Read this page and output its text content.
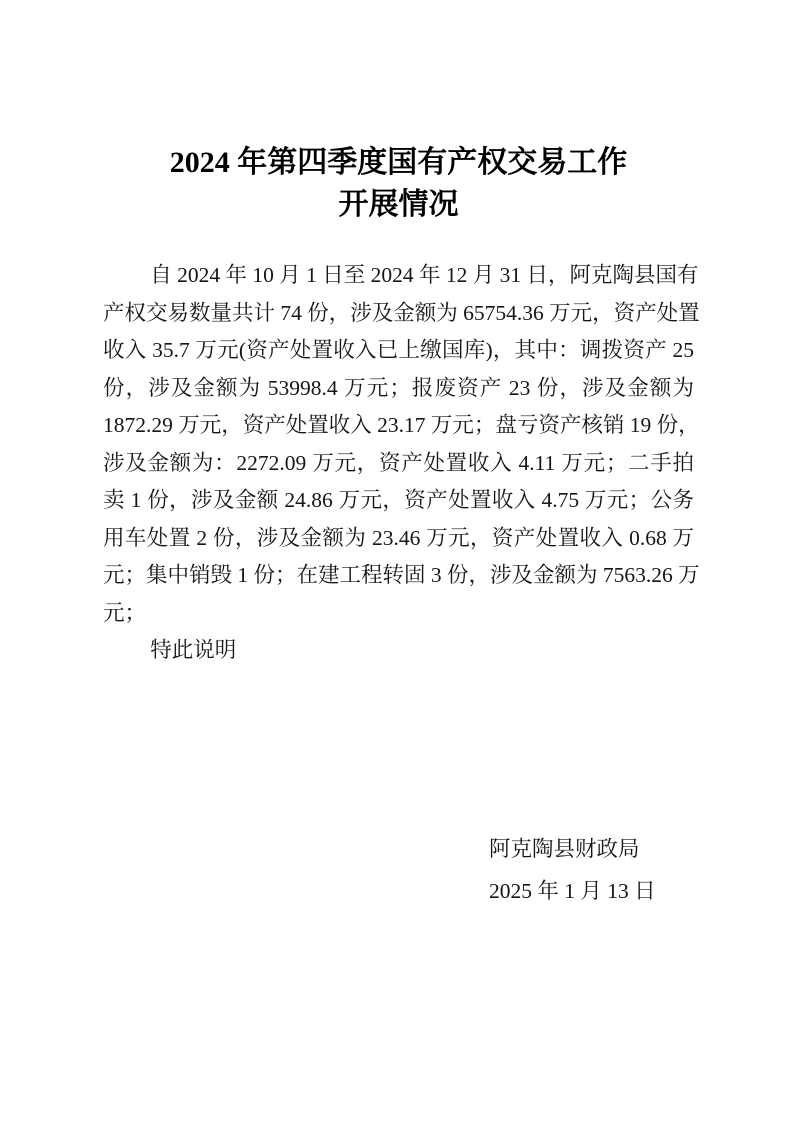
2024 年第四季度国有产权交易工作
开展情况
自 2024 年 10 月 1 日至 2024 年 12 月 31 日，阿克陶县国有
产权交易数量共计 74 份，涉及金额为 65754.36 万元，资产处置
收入 35.7 万元(资产处置收入已上缴国库)，其中：调拨资产 25
份，涉及金额为 53998.4 万元；报废资产 23 份，涉及金额为
1872.29 万元，资产处置收入 23.17 万元；盘亏资产核销 19 份，
涉及金额为：2272.09 万元，资产处置收入 4.11 万元；二手拍
卖 1 份，涉及金额 24.86 万元，资产处置收入 4.75 万元；公务
用车处置 2 份，涉及金额为 23.46 万元，资产处置收入 0.68 万
元；集中销毁 1 份；在建工程转固 3 份，涉及金额为 7563.26 万
元；
特此说明
阿克陶县财政局
2025 年 1 月 13 日
